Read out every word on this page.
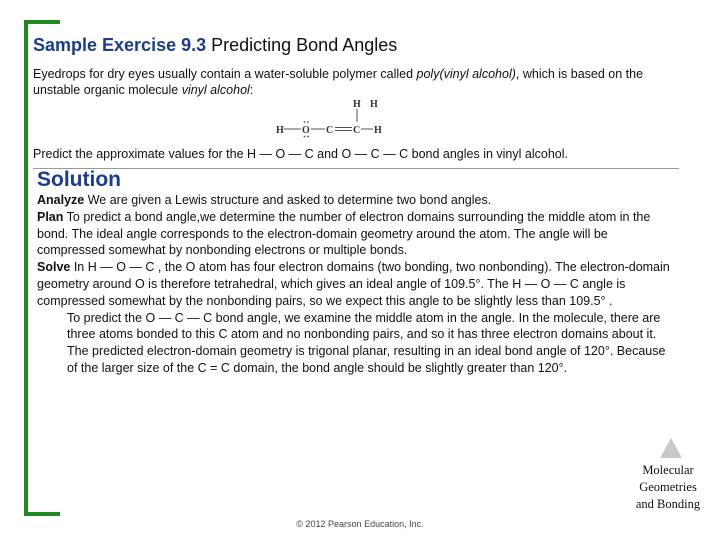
Sample Exercise 9.3 Predicting Bond Angles
Eyedrops for dry eyes usually contain a water-soluble polymer called poly(vinyl alcohol), which is based on the unstable organic molecule vinyl alcohol:
H H
H O C C H
Predict the approximate values for the H — O — C and O — C — C bond angles in vinyl alcohol.
Solution

Analyze We are given a Lewis structure and asked to determine two bond angles.

Plan To predict a bond angle,we determine the number of electron domains surrounding the middle atom in the bond. The ideal angle corresponds to the electron-domain geometry around the atom. The angle will be compressed somewhat by nonbonding electrons or multiple bonds.

Solve In H — O — C , the O atom has four electron domains (two bonding, two nonbonding). The electron-domain geometry around O is therefore tetrahedral, which gives an ideal angle of 109.5°. The H — O — C angle is compressed somewhat by the nonbonding pairs, so we expect this angle to be slightly less than 109.5° .

To predict the O — C — C bond angle, we examine the middle atom in the angle. In the molecule, there are three atoms bonded to this C atom and no nonbonding pairs, and so it has three electron domains about it. The predicted electron-domain geometry is trigonal planar, resulting in an ideal bond angle of 120°. Because of the larger size of the C = C domain, the bond angle should be slightly greater than 120°.

Molecular
Geometries
and Bonding
© 2012 Pearson Education, Inc.
